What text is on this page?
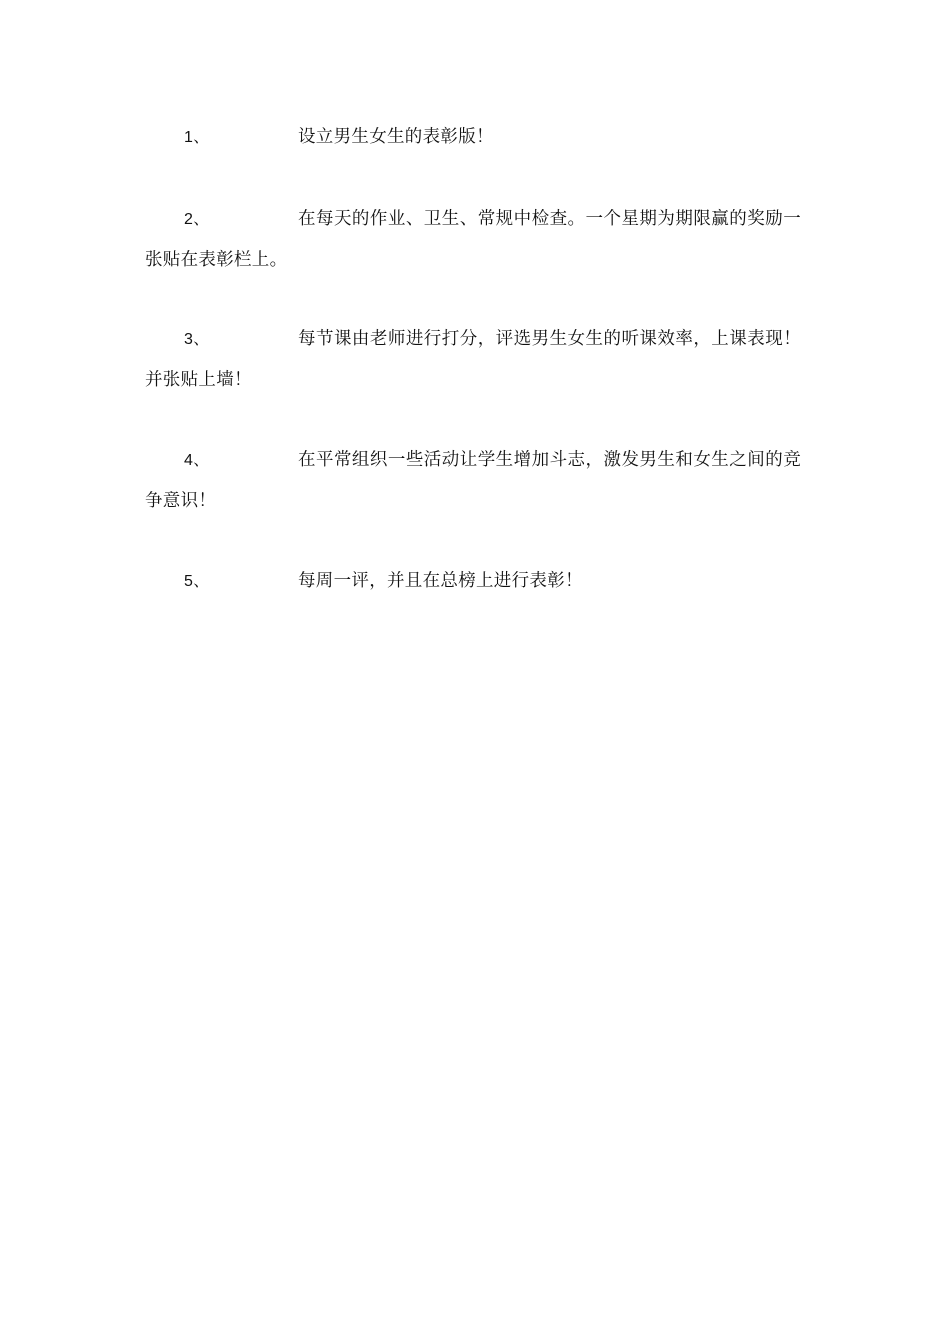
1、	设立男生女生的表彰版！

2、	在每天的作业、卫生、常规中检查。一个星期为期限赢的奖励一张贴在表彰栏上。

3、	每节课由老师进行打分，评选男生女生的听课效率，上课表现！并张贴上墙！

4、	在平常组织一些活动让学生增加斗志，激发男生和女生之间的竞争意识！

5、	每周一评，并且在总榜上进行表彰！
